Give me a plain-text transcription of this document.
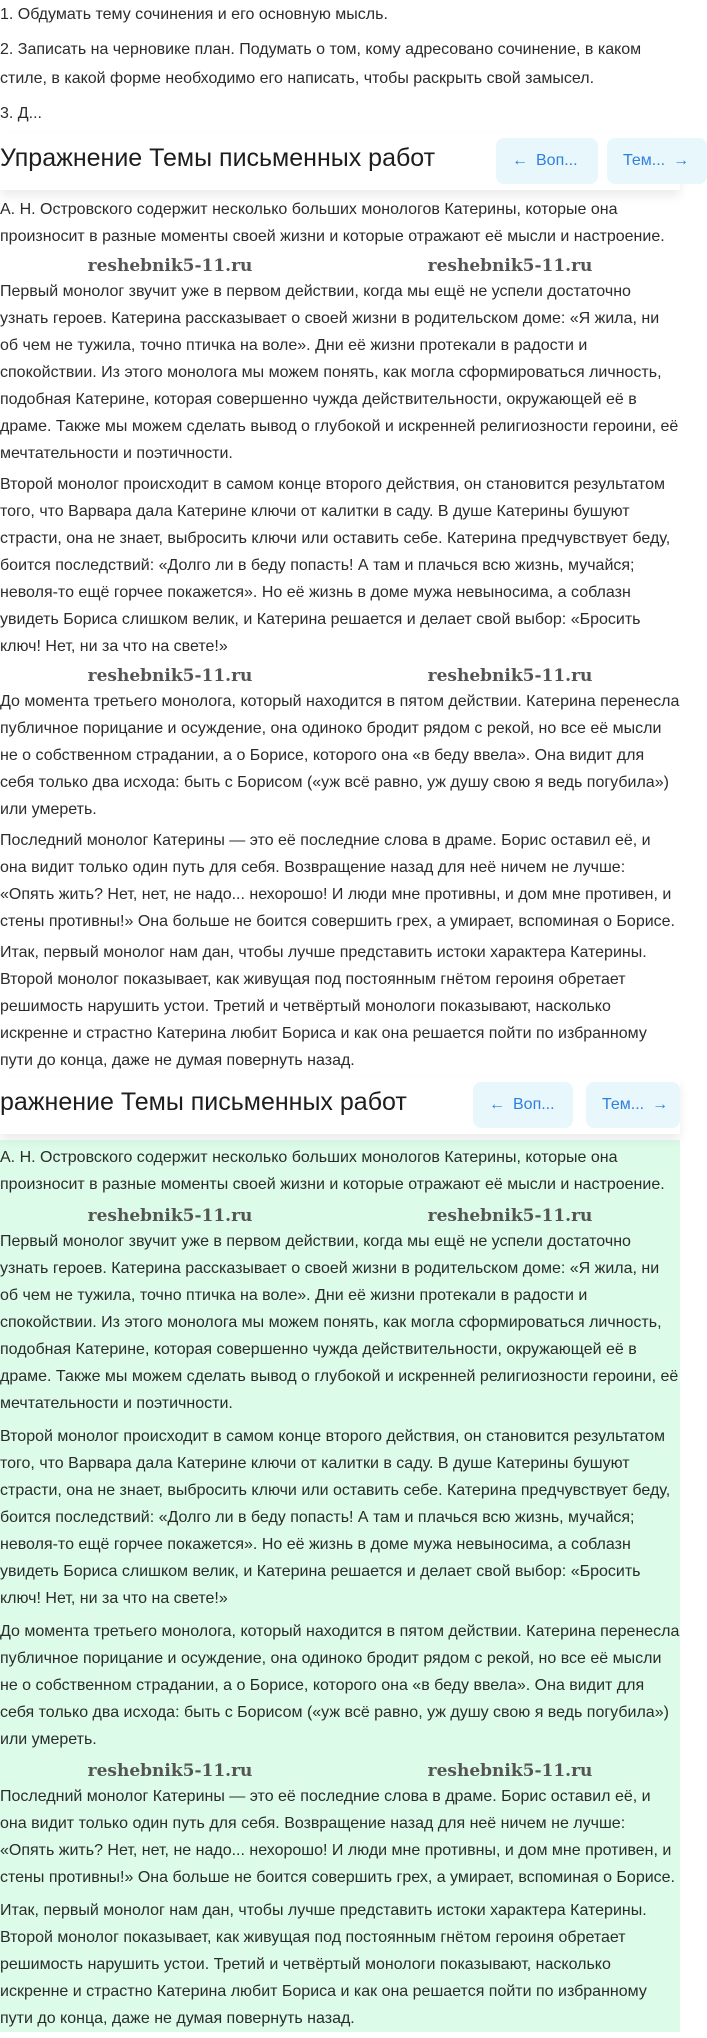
1. Обдумать тему сочинения и его основную мысль.

2. Записать на черновике план. Подумать о том, кому адресовано сочинение, в каком стиле, в какой форме необходимо его написать, чтобы раскрыть свой замысел.

3. Д...

Упражнение Темы письменных работ	← Воп...	Тем... →

А. Н. Островского содержит несколько больших монологов Катерины, которые она произносит в разные моменты своей жизни и которые отражают её мысли и настроение.

reshebnik5-11.ru	reshebnik5-11.ru

Первый монолог звучит уже в первом действии, когда мы ещё не успели достаточно узнать героев. Катерина рассказывает о своей жизни в родительском доме: «Я жила, ни об чем не тужила, точно птичка на воле». Дни её жизни протекали в радости и спокойствии. Из этого монолога мы можем понять, как могла сформироваться личность, подобная Катерине, которая совершенно чужда действительности, окружающей её в драме. Также мы можем сделать вывод о глубокой и искренней религиозности героини, её мечтательности и поэтичности.

Второй монолог происходит в самом конце второго действия, он становится результатом того, что Варвара дала Катерине ключи от калитки в саду. В душе Катерины бушуют страсти, она не знает, выбросить ключи или оставить себе. Катерина предчувствует беду, боится последствий: «Долго ли в беду попасть! А там и плачься всю жизнь, мучайся; неволя-то ещё горчее покажется». Но её жизнь в доме мужа невыносима, а соблазн увидеть Бориса слишком велик, и Катерина решается и делает свой выбор: «Бросить ключ! Нет, ни за что на свете!»

reshebnik5-11.ru	reshebnik5-11.ru

До момента третьего монолога, который находится в пятом действии. Катерина перенесла публичное порицание и осуждение, она одиноко бродит рядом с рекой, но все её мысли не о собственном страдании, а о Борисе, которого она «в беду ввела». Она видит для себя только два исхода: быть с Борисом («уж всё равно, уж душу свою я ведь погубила») или умереть.

Последний монолог Катерины — это её последние слова в драме. Борис оставил её, и она видит только один путь для себя. Возвращение назад для неё ничем не лучше: «Опять жить? Нет, нет, не надо... нехорошо! И люди мне противны, и дом мне противен, и стены противны!» Она больше не боится совершить грех, а умирает, вспоминая о Борисе.

Итак, первый монолог нам дан, чтобы лучше представить истоки характера Катерины. Второй монолог показывает, как живущая под постоянным гнётом героиня обретает решимость нарушить устои. Третий и четвёртый монологи показывают, насколько искренне и страстно Катерина любит Бориса и как она решается пойти по избранному пути до конца, даже не думая повернуть назад.

ражнение Темы письменных работ	← Воп...	Тем... →

А. Н. Островского содержит несколько больших монологов Катерины, которые она произносит в разные моменты своей жизни и которые отражают её мысли и настроение.

reshebnik5-11.ru	reshebnik5-11.ru

Первый монолог звучит уже в первом действии, когда мы ещё не успели достаточно узнать героев. Катерина рассказывает о своей жизни в родительском доме: «Я жила, ни об чем не тужила, точно птичка на воле». Дни её жизни протекали в радости и спокойствии. Из этого монолога мы можем понять, как могла сформироваться личность, подобная Катерине, которая совершенно чужда действительности, окружающей её в драме. Также мы можем сделать вывод о глубокой и искренней религиозности героини, её мечтательности и поэтичности.

Второй монолог происходит в самом конце второго действия, он становится результатом того, что Варвара дала Катерине ключи от калитки в саду. В душе Катерины бушуют страсти, она не знает, выбросить ключи или оставить себе. Катерина предчувствует беду, боится последствий: «Долго ли в беду попасть! А там и плачься всю жизнь, мучайся; неволя-то ещё горчее покажется». Но её жизнь в доме мужа невыносима, а соблазн увидеть Бориса слишком велик, и Катерина решается и делает свой выбор: «Бросить ключ! Нет, ни за что на свете!»

До момента третьего монолога, который находится в пятом действии. Катерина перенесла публичное порицание и осуждение, она одиноко бродит рядом с рекой, но все её мысли не о собственном страдании, а о Борисе, которого она «в беду ввела». Она видит для себя только два исхода: быть с Борисом («уж всё равно, уж душу свою я ведь погубила») или умереть.

reshebnik5-11.ru	reshebnik5-11.ru

Последний монолог Катерины — это её последние слова в драме. Борис оставил её, и она видит только один путь для себя. Возвращение назад для неё ничем не лучше: «Опять жить? Нет, нет, не надо... нехорошо! И люди мне противны, и дом мне противен, и стены противны!» Она больше не боится совершить грех, а умирает, вспоминая о Борисе.

Итак, первый монолог нам дан, чтобы лучше представить истоки характера Катерины. Второй монолог показывает, как живущая под постоянным гнётом героиня обретает решимость нарушить устои. Третий и четвёртый монологи показывают, насколько искренне и страстно Катерина любит Бориса и как она решается пойти по избранному пути до конца, даже не думая повернуть назад.
